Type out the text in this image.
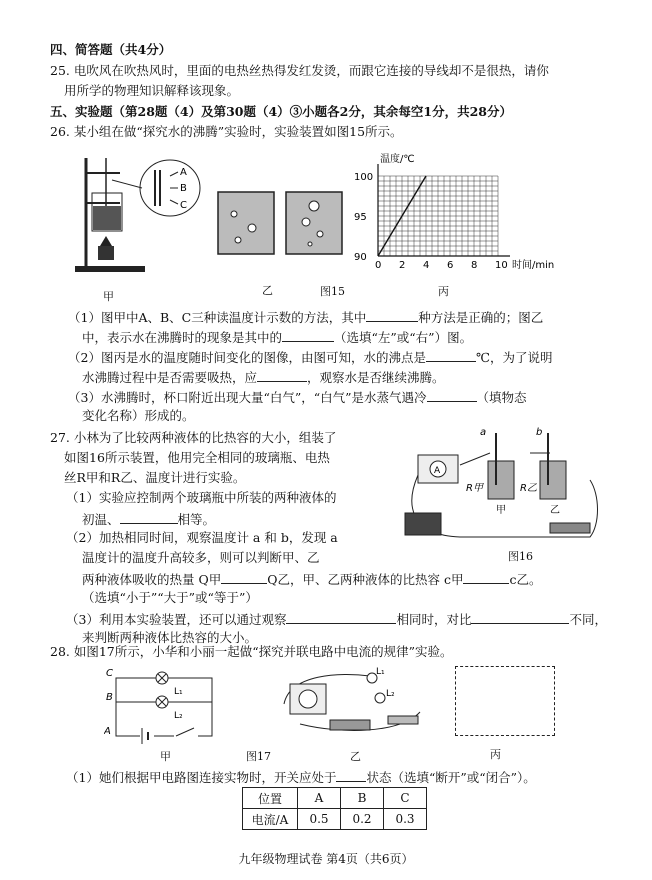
四、简答题（共4分）
25. 电吹风在吹热风时，里面的电热丝热得发红发烫，而跟它连接的导线却不是很热，请你
用所学的物理知识解释该现象。
五、实验题（第28题（4）及第30题（4）③小题各2分，其余每空1分，共28分）
26. 某小组在做“探究水的沸腾”实验时，实验装置如图15所示。
A
B
C
甲	乙	图15
温度/℃
时间/min
0 2 4 6 8 10
90
95
100
丙
（1）图甲中A、B、C三种读温度计示数的方法，其中	种方法是正确的；图乙
中，表示水在沸腾时的现象是其中的	（选填“左”或“右”）图。
（2）图丙是水的温度随时间变化的图像，由图可知，水的沸点是	℃，为了说明
水沸腾过程中是否需要吸热，应	，观察水是否继续沸腾。
（3）水沸腾时，杯口附近出现大量“白气”，“白气”是水蒸气遇冷	（填物态
变化名称）形成的。
27. 小林为了比较两种液体的比热容的大小，组装了
如图16所示装置，他用完全相同的玻璃瓶、电热
丝R甲和R乙、温度计进行实验。
（1）实验应控制两个玻璃瓶中所装的两种液体的
初温、	相等。
（2）加热相同时间，观察温度计 a 和 b，发现 a
温度计的温度升高较多，则可以判断甲、乙
两种液体吸收的热量 Q甲	Q乙，甲、乙两种液体的比热容 c甲	c乙。
（选填“小于”“大于”或“等于”）
（3）利用本实验装置，还可以通过观察	相同时，对比	不同，
来判断两种液体比热容的大小。
A
a	b
R甲	R乙
甲	乙
图16
28. 如图17所示，小华和小丽一起做“探究并联电路中电流的规律”实验。
C
B
A
L₁
L₂
甲	图17
L₁
L₂
乙	丙
（1）她们根据甲电路图连接实物时，开关应处于 状态（选填“断开”或“闭合”）。
位置	A	B	C
电流/A	0.5	0.2	0.3
九年级物理试卷 第4页（共6页）
